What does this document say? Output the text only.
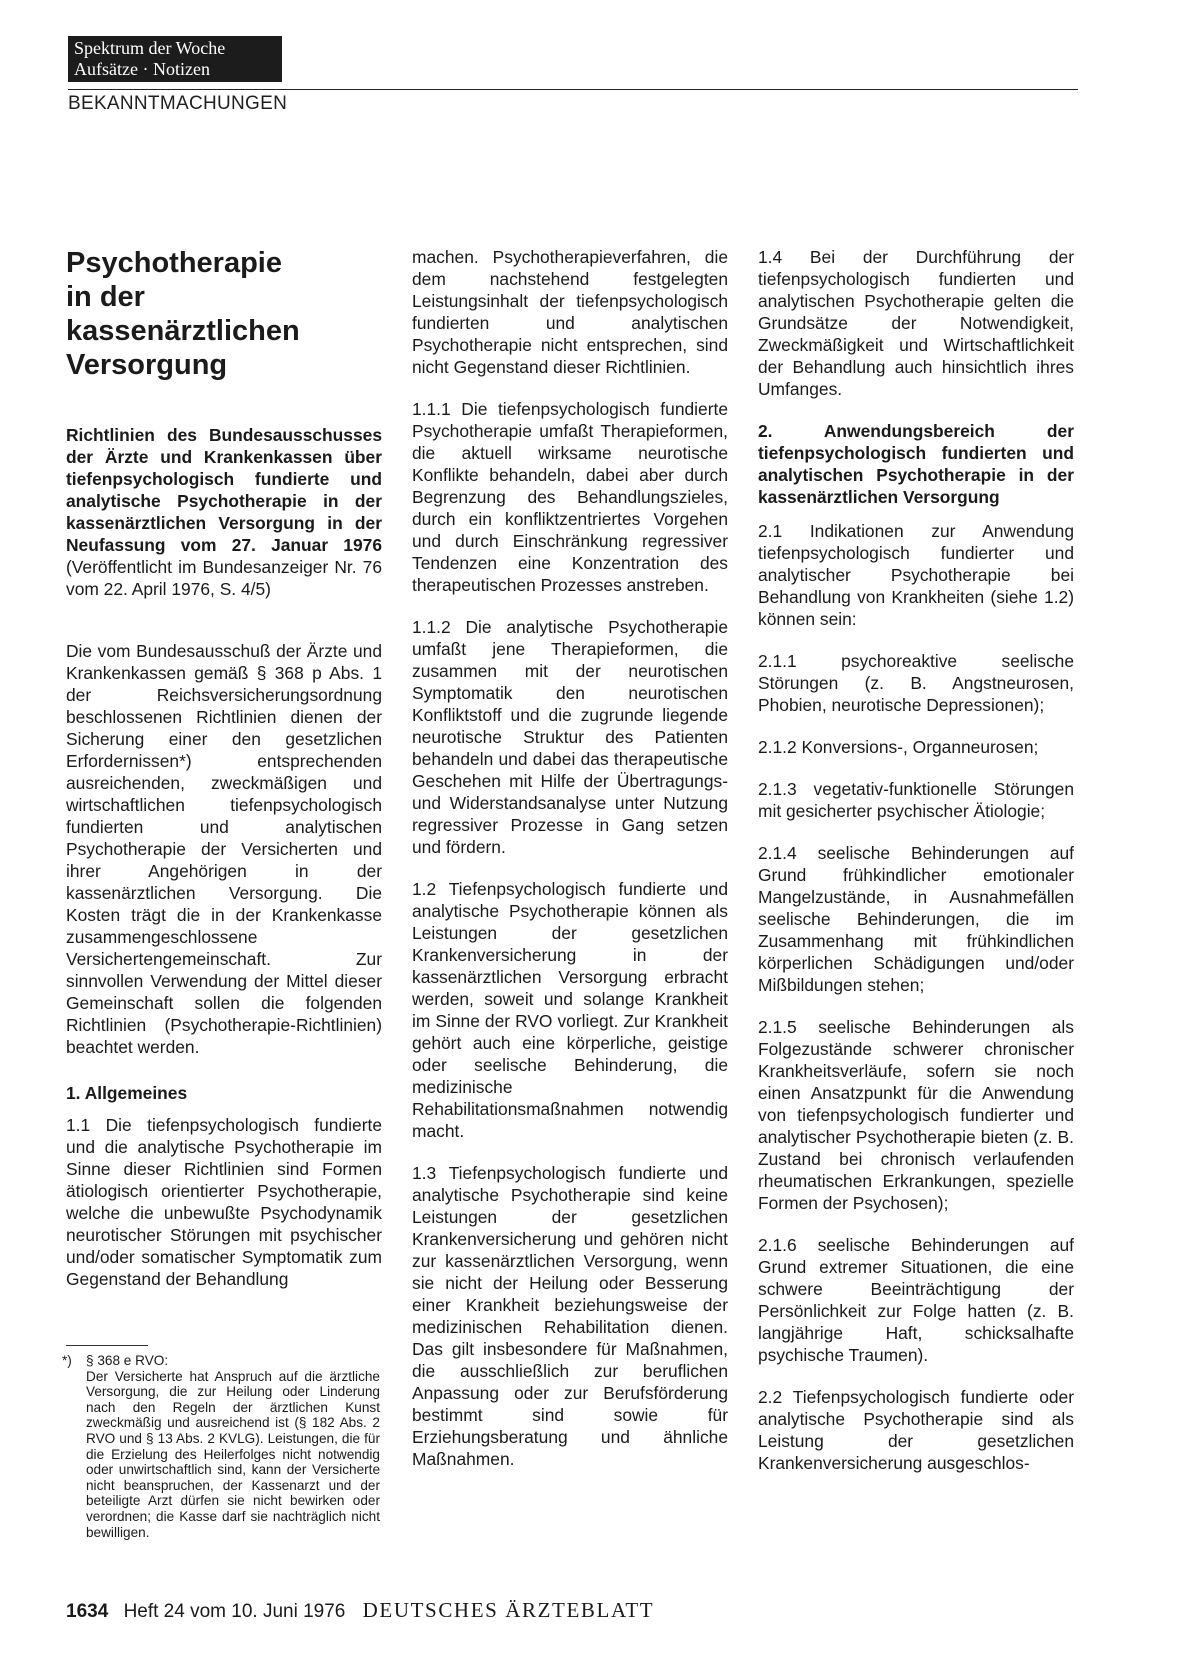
Spektrum der Woche
Aufsätze · Notizen
BEKANNTMACHUNGEN
Psychotherapie
in der kassenärztlichen
Versorgung

Richtlinien des Bundesausschusses der Ärzte und Krankenkassen über tiefenpsychologisch fundierte und analytische Psychotherapie in der kassenärztlichen Versorgung in der Neufassung vom 27. Januar 1976 (Veröffentlicht im Bundesanzeiger Nr. 76 vom 22. April 1976, S. 4/5)

Die vom Bundesausschuß der Ärzte und Krankenkassen gemäß § 368 p Abs. 1 der Reichsversicherungsordnung beschlossenen Richtlinien dienen der Sicherung einer den gesetzlichen Erfordernissen*) entsprechenden ausreichenden, zweckmäßigen und wirtschaftlichen tiefenpsychologisch fundierten und analytischen Psychotherapie der Versicherten und ihrer Angehörigen in der kassenärztlichen Versorgung. Die Kosten trägt die in der Krankenkasse zusammengeschlossene Versichertengemeinschaft. Zur sinnvollen Verwendung der Mittel dieser Gemeinschaft sollen die folgenden Richtlinien (Psychotherapie-Richtlinien) beachtet werden.

1. Allgemeines

1.1 Die tiefenpsychologisch fundierte und die analytische Psychotherapie im Sinne dieser Richtlinien sind Formen ätiologisch orientierter Psychotherapie, welche die unbewußte Psychodynamik neurotischer Störungen mit psychischer und/oder somatischer Symptomatik zum Gegenstand der Behandlung

*)	§ 368 e RVO:
Der Versicherte hat Anspruch auf die ärztliche Versorgung, die zur Heilung oder Linderung nach den Regeln der ärztlichen Kunst zweckmäßig und ausreichend ist (§ 182 Abs. 2 RVO und § 13 Abs. 2 KVLG). Leistungen, die für die Erzielung des Heilerfolges nicht notwendig oder unwirtschaftlich sind, kann der Versicherte nicht beanspruchen, der Kassenarzt und der beteiligte Arzt dürfen sie nicht bewirken oder verordnen; die Kasse darf sie nachträglich nicht bewilligen.

machen. Psychotherapieverfahren, die dem nachstehend festgelegten Leistungsinhalt der tiefenpsychologisch fundierten und analytischen Psychotherapie nicht entsprechen, sind nicht Gegenstand dieser Richtlinien.

1.1.1 Die tiefenpsychologisch fundierte Psychotherapie umfaßt Therapieformen, die aktuell wirksame neurotische Konflikte behandeln, dabei aber durch Begrenzung des Behandlungszieles, durch ein konfliktzentriertes Vorgehen und durch Einschränkung regressiver Tendenzen eine Konzentration des therapeutischen Prozesses anstreben.

1.1.2 Die analytische Psychotherapie umfaßt jene Therapieformen, die zusammen mit der neurotischen Symptomatik den neurotischen Konfliktstoff und die zugrunde liegende neurotische Struktur des Patienten behandeln und dabei das therapeutische Geschehen mit Hilfe der Übertragungs- und Widerstandsanalyse unter Nutzung regressiver Prozesse in Gang setzen und fördern.

1.2 Tiefenpsychologisch fundierte und analytische Psychotherapie können als Leistungen der gesetzlichen Krankenversicherung in der kassenärztlichen Versorgung erbracht werden, soweit und solange Krankheit im Sinne der RVO vorliegt. Zur Krankheit gehört auch eine körperliche, geistige oder seelische Behinderung, die medizinische Rehabilitationsmaßnahmen notwendig macht.

1.3 Tiefenpsychologisch fundierte und analytische Psychotherapie sind keine Leistungen der gesetzlichen Krankenversicherung und gehören nicht zur kassenärztlichen Versorgung, wenn sie nicht der Heilung oder Besserung einer Krankheit beziehungsweise der medizinischen Rehabilitation dienen. Das gilt insbesondere für Maßnahmen, die ausschließlich zur beruflichen Anpassung oder zur Berufsförderung bestimmt sind sowie für Erziehungsberatung und ähnliche Maßnahmen.

1.4 Bei der Durchführung der tiefenpsychologisch fundierten und analytischen Psychotherapie gelten die Grundsätze der Notwendigkeit, Zweckmäßigkeit und Wirtschaftlichkeit der Behandlung auch hinsichtlich ihres Umfanges.

2. Anwendungsbereich der tiefenpsychologisch fundierten und analytischen Psychotherapie in der kassenärztlichen Versorgung

2.1 Indikationen zur Anwendung tiefenpsychologisch fundierter und analytischer Psychotherapie bei Behandlung von Krankheiten (siehe 1.2) können sein:

2.1.1 psychoreaktive seelische Störungen (z. B. Angstneurosen, Phobien, neurotische Depressionen);

2.1.2 Konversions-, Organneurosen;

2.1.3 vegetativ-funktionelle Störungen mit gesicherter psychischer Ätiologie;

2.1.4 seelische Behinderungen auf Grund frühkindlicher emotionaler Mangelzustände, in Ausnahmefällen seelische Behinderungen, die im Zusammenhang mit frühkindlichen körperlichen Schädigungen und/oder Mißbildungen stehen;

2.1.5 seelische Behinderungen als Folgezustände schwerer chronischer Krankheitsverläufe, sofern sie noch einen Ansatzpunkt für die Anwendung von tiefenpsychologisch fundierter und analytischer Psychotherapie bieten (z. B. Zustand bei chronisch verlaufenden rheumatischen Erkrankungen, spezielle Formen der Psychosen);

2.1.6 seelische Behinderungen auf Grund extremer Situationen, die eine schwere Beeinträchtigung der Persönlichkeit zur Folge hatten (z. B. langjährige Haft, schicksalhafte psychische Traumen).

2.2 Tiefenpsychologisch fundierte oder analytische Psychotherapie sind als Leistung der gesetzlichen Krankenversicherung ausgeschlos-

1634 Heft 24 vom 10. Juni 1976 DEUTSCHES ÄRZTEBLATT
